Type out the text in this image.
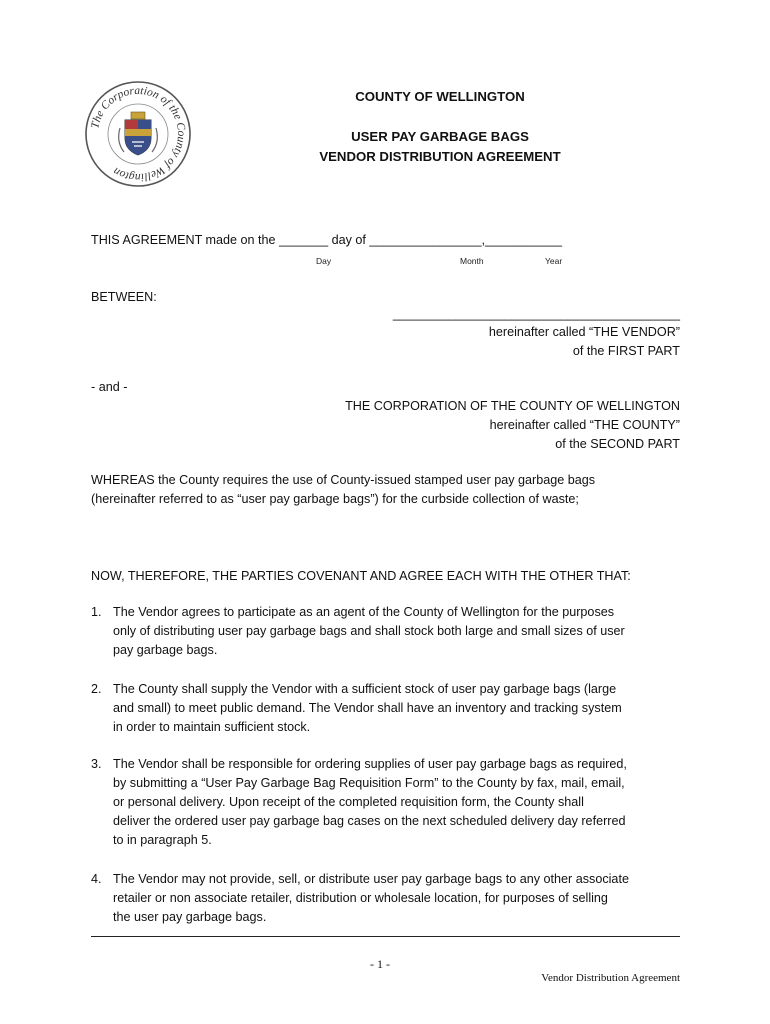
The Corporation of the County of Wellington
COUNTY OF WELLINGTON
USER PAY GARBAGE BAGS
VENDOR DISTRIBUTION AGREEMENT
THIS AGREEMENT made on the _______ day of ________________,___________
Day	Month	Year
BETWEEN:
_________________________________________
hereinafter called “THE VENDOR”
of the FIRST PART
- and -
THE CORPORATION OF THE COUNTY OF WELLINGTON
hereinafter called “THE COUNTY”
of the SECOND PART
WHEREAS the County requires the use of County-issued stamped user pay garbage bags
(hereinafter referred to as “user pay garbage bags”) for the curbside collection of waste;
NOW, THEREFORE, THE PARTIES COVENANT AND AGREE EACH WITH THE OTHER THAT:
1. The Vendor agrees to participate as an agent of the County of Wellington for the purposes
only of distributing user pay garbage bags and shall stock both large and small sizes of user
pay garbage bags.
2. The County shall supply the Vendor with a sufficient stock of user pay garbage bags (large
and small) to meet public demand. The Vendor shall have an inventory and tracking system
in order to maintain sufficient stock.
3. The Vendor shall be responsible for ordering supplies of user pay garbage bags as required,
by submitting a “User Pay Garbage Bag Requisition Form” to the County by fax, mail, email,
or personal delivery. Upon receipt of the completed requisition form, the County shall
deliver the ordered user pay garbage bag cases on the next scheduled delivery day referred
to in paragraph 5.
4. The Vendor may not provide, sell, or distribute user pay garbage bags to any other associate
retailer or non associate retailer, distribution or wholesale location, for purposes of selling
the user pay garbage bags.
- 1 -
Vendor Distribution Agreement
